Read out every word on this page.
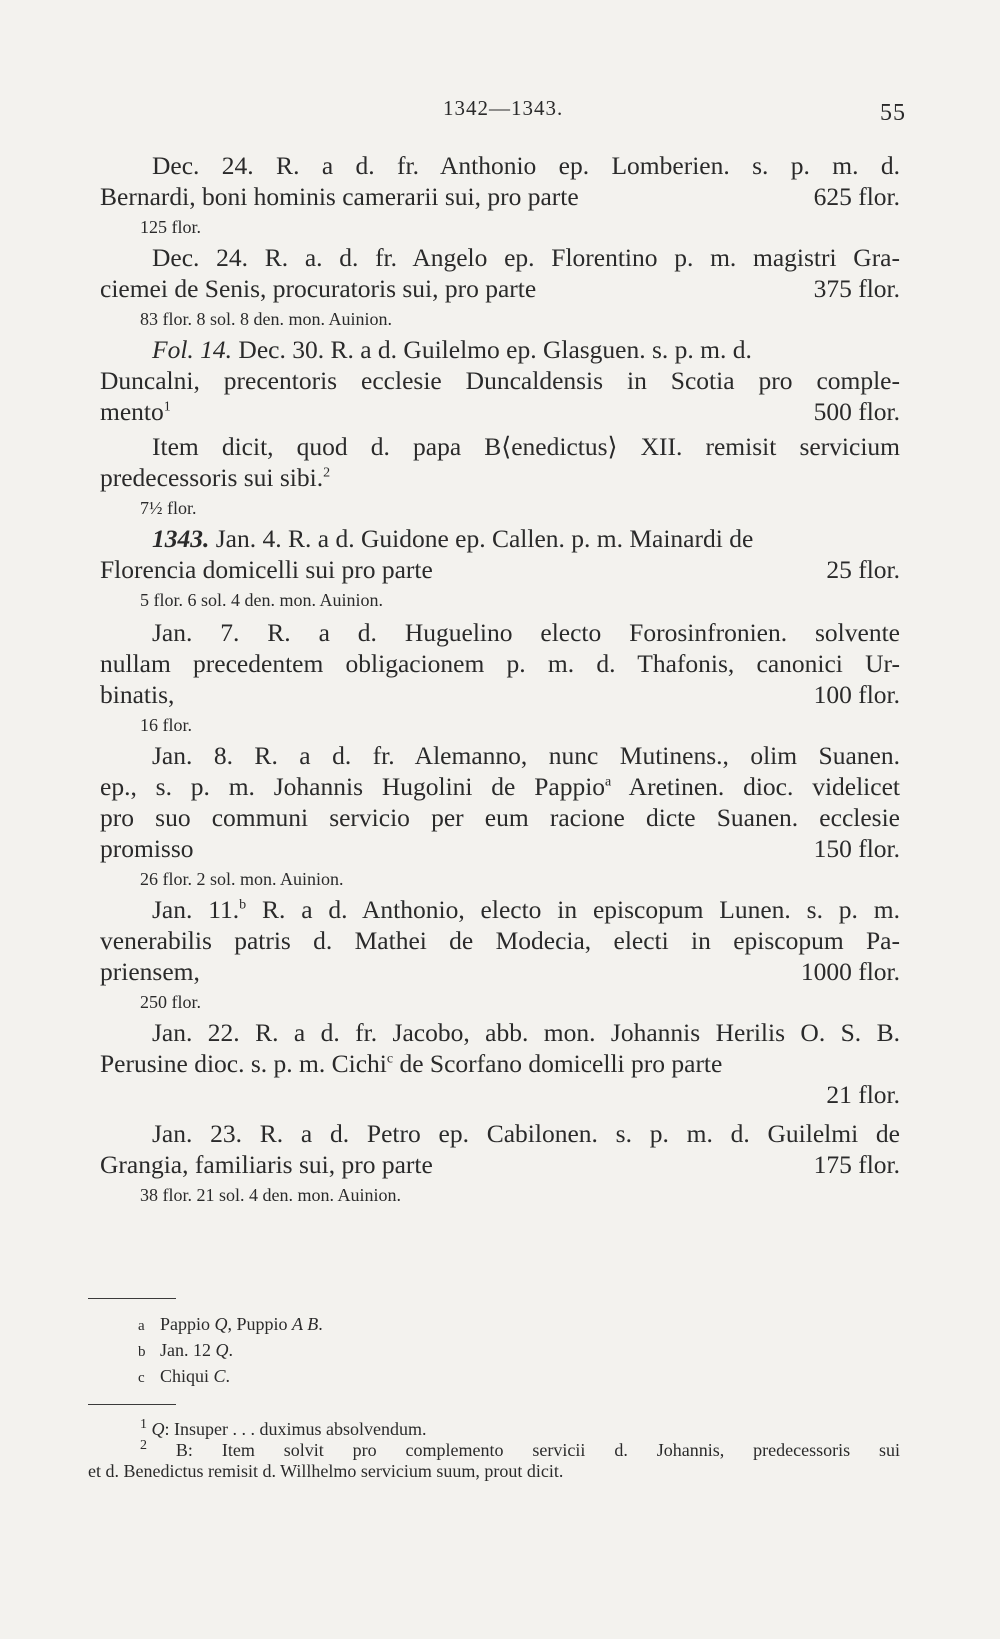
1342—1343.	55
Dec. 24. R. a d. fr. Anthonio ep. Lomberien. s. p. m. d.
Bernardi, boni hominis camerarii sui, pro parte	625 flor.
125 flor.
Dec. 24. R. a. d. fr. Angelo ep. Florentino p. m. magistri Gra-
ciemei de Senis, procuratoris sui, pro parte	375 flor.
83 flor. 8 sol. 8 den. mon. Auinion.
Fol. 14. Dec. 30. R. a d. Guilelmo ep. Glasguen. s. p. m. d.
Duncalni, precentoris ecclesie Duncaldensis in Scotia pro comple-
mento$^1$	500 flor.
Item dicit, quod d. papa B⟨enedictus⟩ XII. remisit servicium
predecessoris sui sibi.$^2$
7½ flor.
1343. Jan. 4. R. a d. Guidone ep. Callen. p. m. Mainardi de
Florencia domicelli sui pro parte	25 flor.
5 flor. 6 sol. 4 den. mon. Auinion.
Jan. 7. R. a d. Huguelino electo Forosinfronien. solvente
nullam precedentem obligacionem p. m. d. Thafonis, canonici Ur-
binatis,	100 flor.
16 flor.
Jan. 8. R. a d. fr. Alemanno, nunc Mutinens., olim Suanen.
ep., s. p. m. Johannis Hugolini de Pappio$^a$ Aretinen. dioc. videlicet
pro suo communi servicio per eum racione dicte Suanen. ecclesie
promisso	150 flor.
26 flor. 2 sol. mon. Auinion.
Jan. 11.$^b$ R. a d. Anthonio, electo in episcopum Lunen. s. p. m.
venerabilis patris d. Mathei de Modecia, electi in episcopum Pa-
priensem,	1000 flor.
250 flor.
Jan. 22. R. a d. fr. Jacobo, abb. mon. Johannis Herilis O. S. B.
Perusine dioc. s. p. m. Cichi$^c$ de Scorfano domicelli pro parte
21 flor.
Jan. 23. R. a d. Petro ep. Cabilonen. s. p. m. d. Guilelmi de
Grangia, familiaris sui, pro parte	175 flor.
38 flor. 21 sol. 4 den. mon. Auinion.
a Pappio Q, Puppio A B.
b Jan. 12 Q.
c Chiqui C.
$^1$ Q: Insuper . . . duximus absolvendum.
$^2$ B: Item solvit pro complemento servicii d. Johannis, predecessoris sui
et d. Benedictus remisit d. Willhelmo servicium suum, prout dicit.
